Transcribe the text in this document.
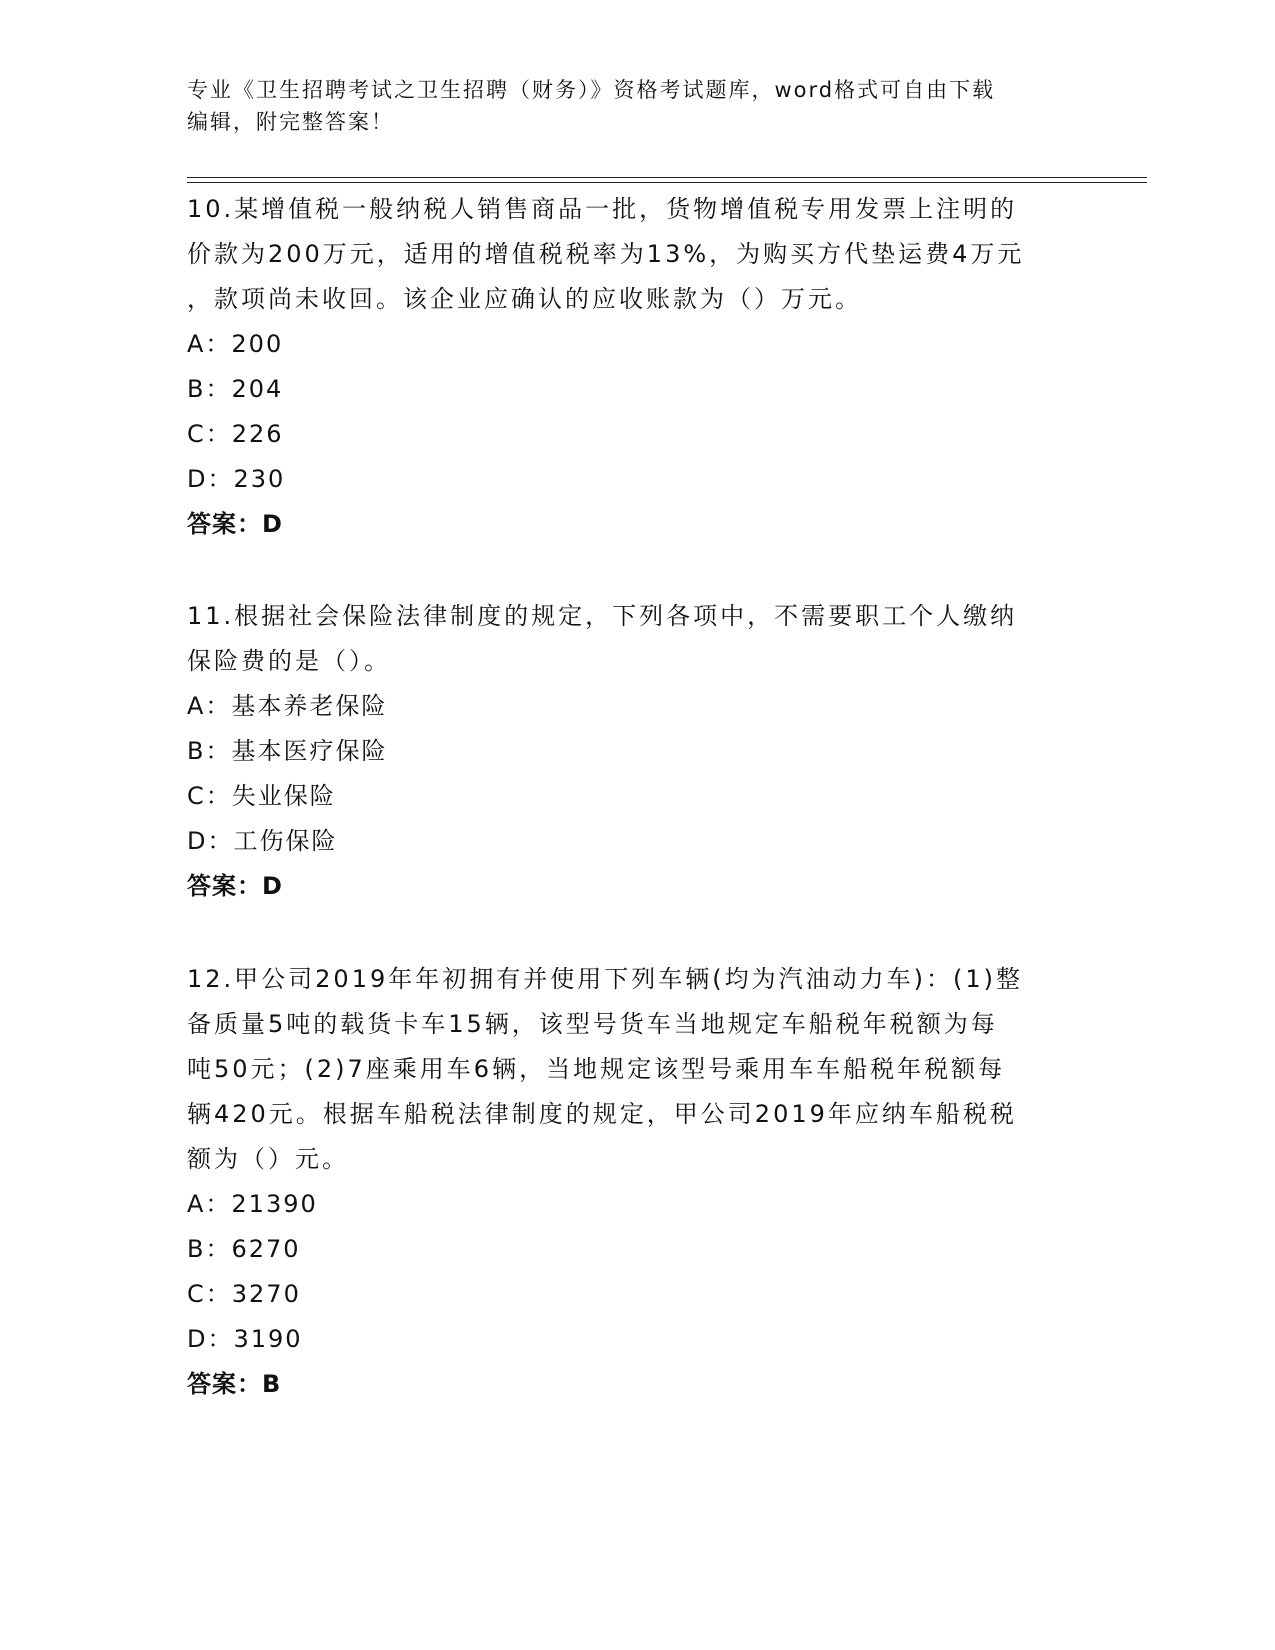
专业《卫生招聘考试之卫生招聘（财务）》资格考试题库，word格式可自由下载
编辑，附完整答案！

10.某增值税一般纳税人销售商品一批，货物增值税专用发票上注明的
价款为200万元，适用的增值税税率为13%，为购买方代垫运费4万元
，款项尚未收回。该企业应确认的应收账款为（）万元。

A：200

B：204

C：226

D：230

答案：D

11.根据社会保险法律制度的规定，下列各项中，不需要职工个人缴纳
保险费的是（）。

A：基本养老保险

B：基本医疗保险

C：失业保险

D：工伤保险

答案：D

12.甲公司2019年年初拥有并使用下列车辆(均为汽油动力车)：(1)整
备质量5吨的载货卡车15辆，该型号货车当地规定车船税年税额为每
吨50元；(2)7座乘用车6辆，当地规定该型号乘用车车船税年税额每
辆420元。根据车船税法律制度的规定，甲公司2019年应纳车船税税
额为（）元。

A：21390

B：6270

C：3270

D：3190

答案：B
